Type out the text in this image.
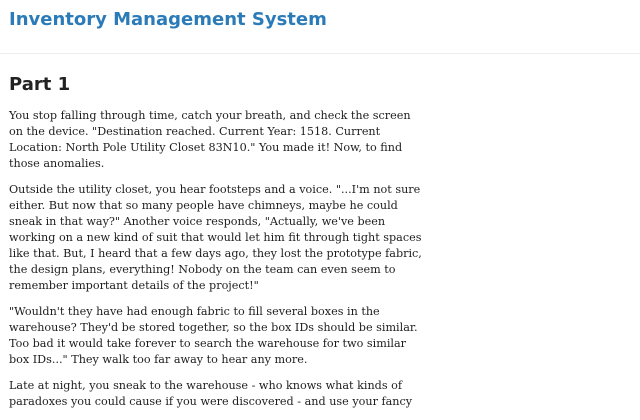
Inventory Management System
Part 1

You stop falling through time, catch your breath, and check the screen on the device. "Destination reached. Current Year: 1518. Current Location: North Pole Utility Closet 83N10." You made it! Now, to find those anomalies.

Outside the utility closet, you hear footsteps and a voice. "...I'm not sure either. But now that so many people have chimneys, maybe he could sneak in that way?" Another voice responds, "Actually, we've been working on a new kind of suit that would let him fit through tight spaces like that. But, I heard that a few days ago, they lost the prototype fabric, the design plans, everything! Nobody on the team can even seem to remember important details of the project!"

"Wouldn't they have had enough fabric to fill several boxes in the warehouse? They'd be stored together, so the box IDs should be similar. Too bad it would take forever to search the warehouse for two similar box IDs..." They walk too far away to hear any more.

Late at night, you sneak to the warehouse - who knows what kinds of paradoxes you could cause if you were discovered - and use your fancy
